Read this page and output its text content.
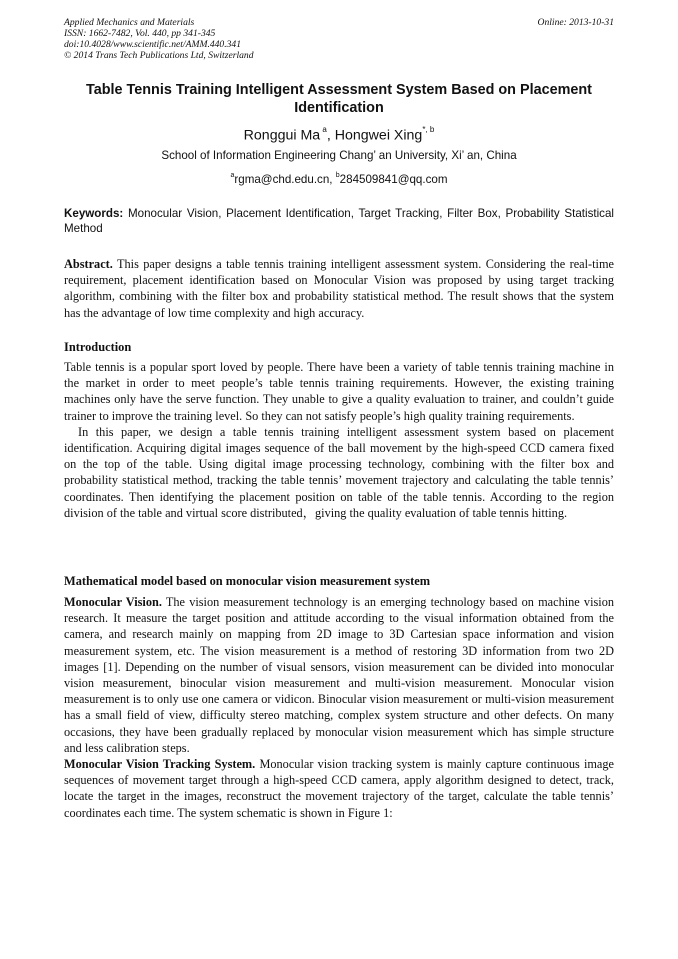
Applied Mechanics and Materials
ISSN: 1662-7482, Vol. 440, pp 341-345
doi:10.4028/www.scientific.net/AMM.440.341
© 2014 Trans Tech Publications Ltd, Switzerland
Online: 2013-10-31
Table Tennis Training Intelligent Assessment System Based on Placement Identification
Ronggui Ma $^a$, Hongwei Xing$^{*, b}$
School of Information Engineering Chang’ an University, Xi’ an, China
$^a$rgma@chd.edu.cn, $^b$284509841@qq.com
Keywords: Monocular Vision, Placement Identification, Target Tracking, Filter Box, Probability Statistical Method

Abstract. This paper designs a table tennis training intelligent assessment system. Considering the real-time requirement, placement identification based on Monocular Vision was proposed by using target tracking algorithm, combining with the filter box and probability statistical method. The result shows that the system has the advantage of low time complexity and high accuracy.

Introduction

Table tennis is a popular sport loved by people. There have been a variety of table tennis training machine in the market in order to meet people’s table tennis training requirements. However, the existing training machines only have the serve function. They unable to give a quality evaluation to trainer, and couldn’t guide trainer to improve the training level. So they can not satisfy people’s high quality training requirements.

In this paper, we design a table tennis training intelligent assessment system based on placement identification. Acquiring digital images sequence of the ball movement by the high-speed CCD camera fixed on the top of the table. Using digital image processing technology, combining with the filter box and probability statistical method, tracking the table tennis’ movement trajectory and calculating the table tennis’ coordinates. Then identifying the placement position on table of the table tennis. According to the region division of the table and virtual score distributed，giving the quality evaluation of table tennis hitting.

Mathematical model based on monocular vision measurement system

Monocular Vision. The vision measurement technology is an emerging technology based on machine vision research. It measure the target position and attitude according to the visual information obtained from the camera, and research mainly on mapping from 2D image to 3D Cartesian space information and vision measurement system, etc. The vision measurement is a method of restoring 3D information from two 2D images [1]. Depending on the number of visual sensors, vision measurement can be divided into monocular vision measurement, binocular vision measurement and multi-vision measurement. Monocular vision measurement is to only use one camera or vidicon. Binocular vision measurement or multi-vision measurement has a small field of view, difficulty stereo matching, complex system structure and other defects. On many occasions, they have been gradually replaced by monocular vision measurement which has simple structure and less calibration steps.

Monocular Vision Tracking System. Monocular vision tracking system is mainly capture continuous image sequences of movement target through a high-speed CCD camera, apply algorithm designed to detect, track, locate the target in the images, reconstruct the movement trajectory of the target, calculate the table tennis’ coordinates each time. The system schematic is shown in Figure 1:
